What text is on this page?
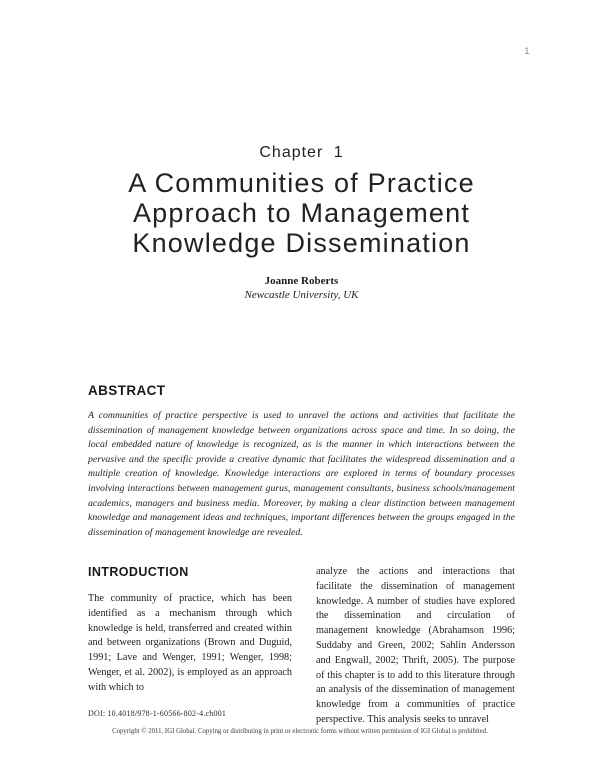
1
Chapter 1
A Communities of Practice
Approach to Management
Knowledge Dissemination
Joanne Roberts
Newcastle University, UK
ABSTRACT
A communities of practice perspective is used to unravel the actions and activities that facilitate the dissemination of management knowledge between organizations across space and time. In so doing, the local embedded nature of knowledge is recognized, as is the manner in which interactions between the pervasive and the specific provide a creative dynamic that facilitates the widespread dissemination and a multiple creation of knowledge. Knowledge interactions are explored in terms of boundary processes involving interactions between management gurus, management consultants, business schools/management academics, managers and business media. Moreover, by making a clear distinction between management knowledge and management ideas and techniques, important differences between the groups engaged in the dissemination of management knowledge are revealed.
INTRODUCTION
The community of practice, which has been identified as a mechanism through which knowledge is held, transferred and created within and between organizations (Brown and Duguid, 1991; Lave and Wenger, 1991; Wenger, 1998; Wenger, et al. 2002), is employed as an approach with which to
DOI: 10.4018/978-1-60566-802-4.ch001
analyze the actions and interactions that facilitate the dissemination of management knowledge. A number of studies have explored the dissemination and circulation of management knowledge (Abrahamson 1996; Suddaby and Green, 2002; Sahlin Andersson and Engwall, 2002; Thrift, 2005). The purpose of this chapter is to add to this literature through an analysis of the dissemination of management knowledge from a communities of practice perspective. This analysis seeks to unravel
Copyright © 2011, IGI Global. Copying or distributing in print or electronic forms without written permission of IGI Global is prohibited.
